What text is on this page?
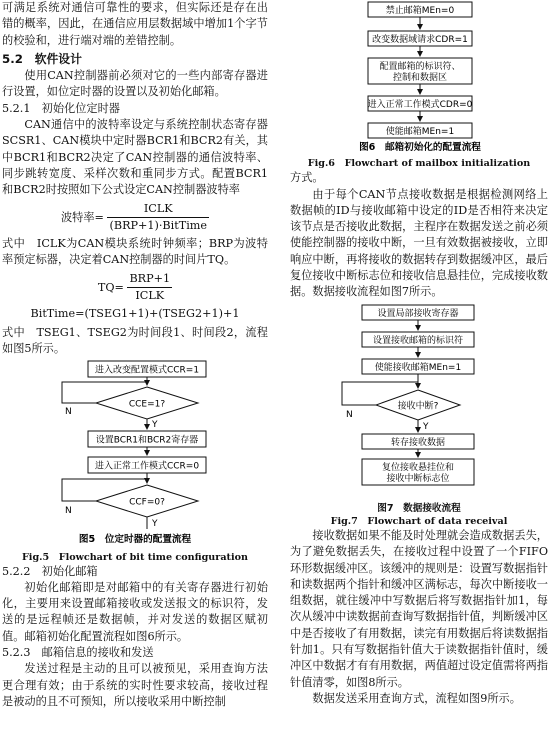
可满足系统对通信可靠性的要求，但实际还是存在出错的概率，因此，在通信应用层数据域中增加1个字节的校验和，进行端对端的差错控制。

5.2　软件设计

使用CAN控制器前必须对它的一些内部寄存器进行设置，如位定时器的设置以及初始化邮箱。

5.2.1　初始化位定时器

CAN通信中的波特率设定与系统控制状态寄存器SCSR1、CAN模块中定时器BCR1和BCR2有关，其中BCR1和BCR2决定了CAN控制器的通信波特率、同步跳转宽度、采样次数和重同步方式。配置BCR1和BCR2时按照如下公式设定CAN控制器波特率

波特率= $\frac{\text{ICLK}}{\text{(BRP+1)·BitTime}}$

式中　ICLK为CAN模块系统时钟频率；BRP为波特率预定标器，决定着CAN控制器的时间片TQ。

$TQ= \frac{\text{BRP+1}}{\text{ICLK}}$
BitTime=(TSEG1+1)+(TSEG2+1)+1

式中　TSEG1、TSEG2为时间段1、时间段2，流程如图5所示。

进入改变配置模式CCR=1
CCE=1?
N
Y
设置BCR1和BCR2寄存器
进入正常工作模式CCR=0
CCF=0?
N
Y
图5　位定时器的配置流程
Fig.5　Flowchart of bit time configuration

5.2.2　初始化邮箱

初始化邮箱即是对邮箱中的有关寄存器进行初始化，主要用来设置邮箱接收或发送报文的标识符，发送的是远程帧还是数据帧，并对发送的数据区赋初值。邮箱初始化配置流程如图6所示。

5.2.3　邮箱信息的接收和发送

发送过程是主动的且可以被预见，采用查询方法更合理有效；由于系统的实时性要求较高，接收过程是被动的且不可预知，所以接收采用中断控制

禁止邮箱MEn=0
改变数据域请求CDR=1
配置邮箱的标识符、
控制和数据区
进入正常工作模式CDR=0
使能邮箱MEn=1
图6　邮箱初始化的配置流程
Fig.6　Flowchart of mailbox initialization

方式。

由于每个CAN节点接收数据是根据检测网络上数据帧的ID与接收邮箱中设定的ID是否相符来决定该节点是否接收此数据，主程序在数据发送之前必须使能控制器的接收中断，一旦有效数据被接收，立即响应中断，再将接收的数据转存到数据缓冲区，最后复位接收中断标志位和接收信息悬挂位，完成接收数据。数据接收流程如图7所示。

设置局部接收寄存器
设置接收邮箱的标识符
使能接收邮箱MEn=1
接收中断?
N
Y
转存接收数据
复位接收悬挂位和
接收中断标志位
图7　数据接收流程
Fig.7　Flowchart of data receival

接收数据如果不能及时处理就会造成数据丢失，为了避免数据丢失，在接收过程中设置了一个FIFO环形数据缓冲区。该缓冲的规则是：设置写数据指针和读数据两个指针和缓冲区满标志，每次中断接收一组数据，就往缓冲中写数据后将写数据指针加1，每次从缓冲中读数据前查询写数据指针值，判断缓冲区中是否接收了有用数据，读完有用数据后将读数据指针加1。只有写数据指针值大于读数据指针值时，缓冲区中数据才有有用数据，两值超过设定值需将两指针值清零，如图8所示。

数据发送采用查询方式，流程如图9所示。
